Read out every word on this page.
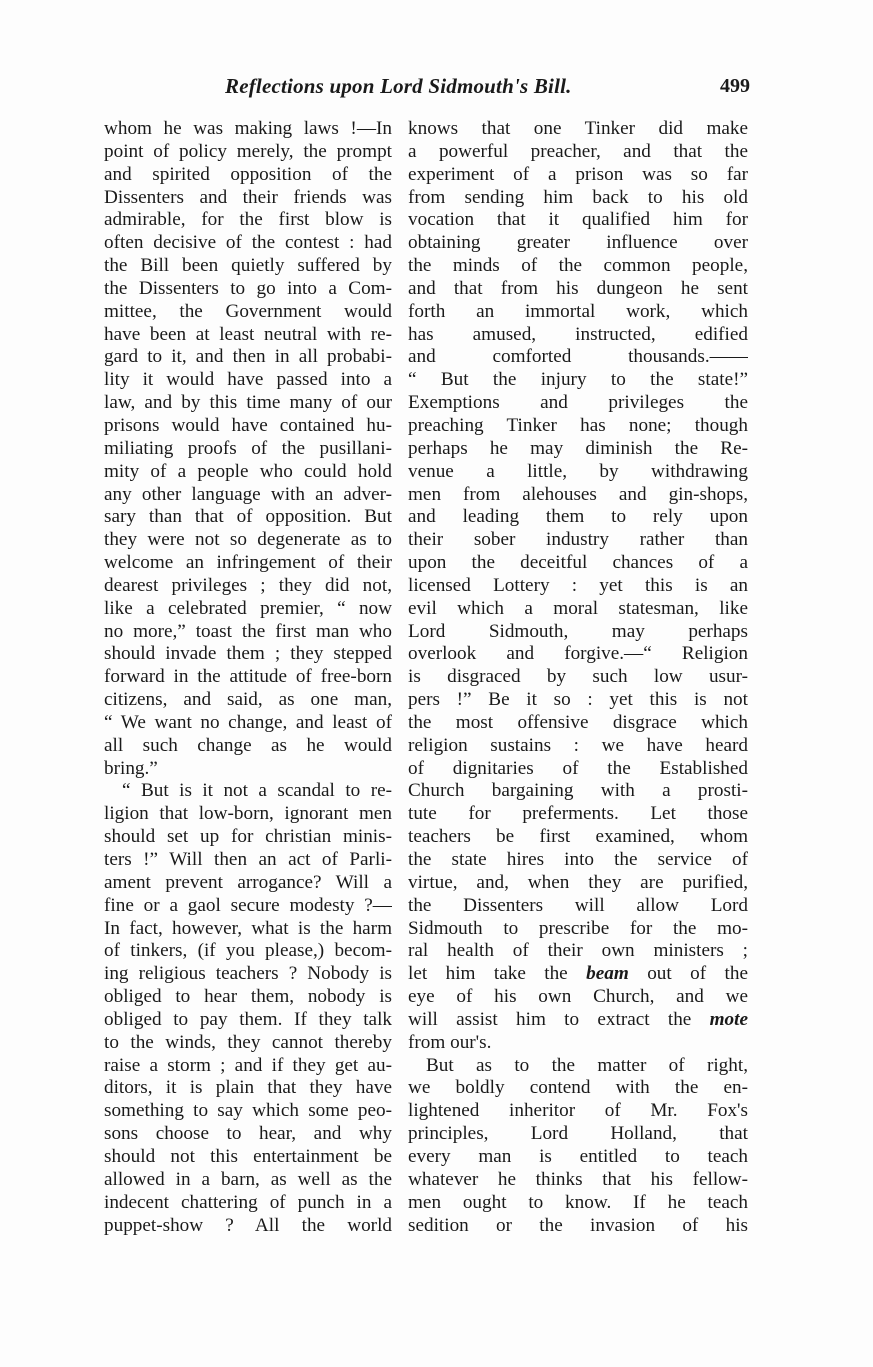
Reflections upon Lord Sidmouth's Bill.	499
whom he was making laws !—In
point of policy merely, the prompt
and spirited opposition of the
Dissenters and their friends was
admirable, for the first blow is
often decisive of the contest : had
the Bill been quietly suffered by
the Dissenters to go into a Com-
mittee, the Government would
have been at least neutral with re-
gard to it, and then in all probabi-
lity it would have passed into a
law, and by this time many of our
prisons would have contained hu-
miliating proofs of the pusillani-
mity of a people who could hold
any other language with an adver-
sary than that of opposition. But
they were not so degenerate as to
welcome an infringement of their
dearest privileges ; they did not,
like a celebrated premier, “ now
no more,” toast the first man who
should invade them ; they stepped
forward in the attitude of free-born
citizens, and said, as one man,
“ We want no change, and least of
all such change as he would
bring.”
“ But is it not a scandal to re-
ligion that low-born, ignorant men
should set up for christian minis-
ters !” Will then an act of Parli-
ament prevent arrogance? Will a
fine or a gaol secure modesty ?—
In fact, however, what is the harm
of tinkers, (if you please,) becom-
ing religious teachers ? Nobody is
obliged to hear them, nobody is
obliged to pay them. If they talk
to the winds, they cannot thereby
raise a storm ; and if they get au-
ditors, it is plain that they have
something to say which some peo-
sons choose to hear, and why
should not this entertainment be
allowed in a barn, as well as the
indecent chattering of punch in a
puppet-show ? All the world
knows that one Tinker did make
a powerful preacher, and that the
experiment of a prison was so far
from sending him back to his old
vocation that it qualified him for
obtaining greater influence over
the minds of the common people,
and that from his dungeon he sent
forth an immortal work, which
has amused, instructed, edified
and comforted thousands.——
“ But the injury to the state!”
Exemptions and privileges the
preaching Tinker has none; though
perhaps he may diminish the Re-
venue a little, by withdrawing
men from alehouses and gin-shops,
and leading them to rely upon
their sober industry rather than
upon the deceitful chances of a
licensed Lottery : yet this is an
evil which a moral statesman, like
Lord Sidmouth, may perhaps
overlook and forgive.—“ Religion
is disgraced by such low usur-
pers !” Be it so : yet this is not
the most offensive disgrace which
religion sustains : we have heard
of dignitaries of the Established
Church bargaining with a prosti-
tute for preferments. Let those
teachers be first examined, whom
the state hires into the service of
virtue, and, when they are purified,
the Dissenters will allow Lord
Sidmouth to prescribe for the mo-
ral health of their own ministers ;
let him take the beam out of the
eye of his own Church, and we
will assist him to extract the mote
from our's.
But as to the matter of right,
we boldly contend with the en-
lightened inheritor of Mr. Fox's
principles, Lord Holland, that
every man is entitled to teach
whatever he thinks that his fellow-
men ought to know. If he teach
sedition or the invasion of his
